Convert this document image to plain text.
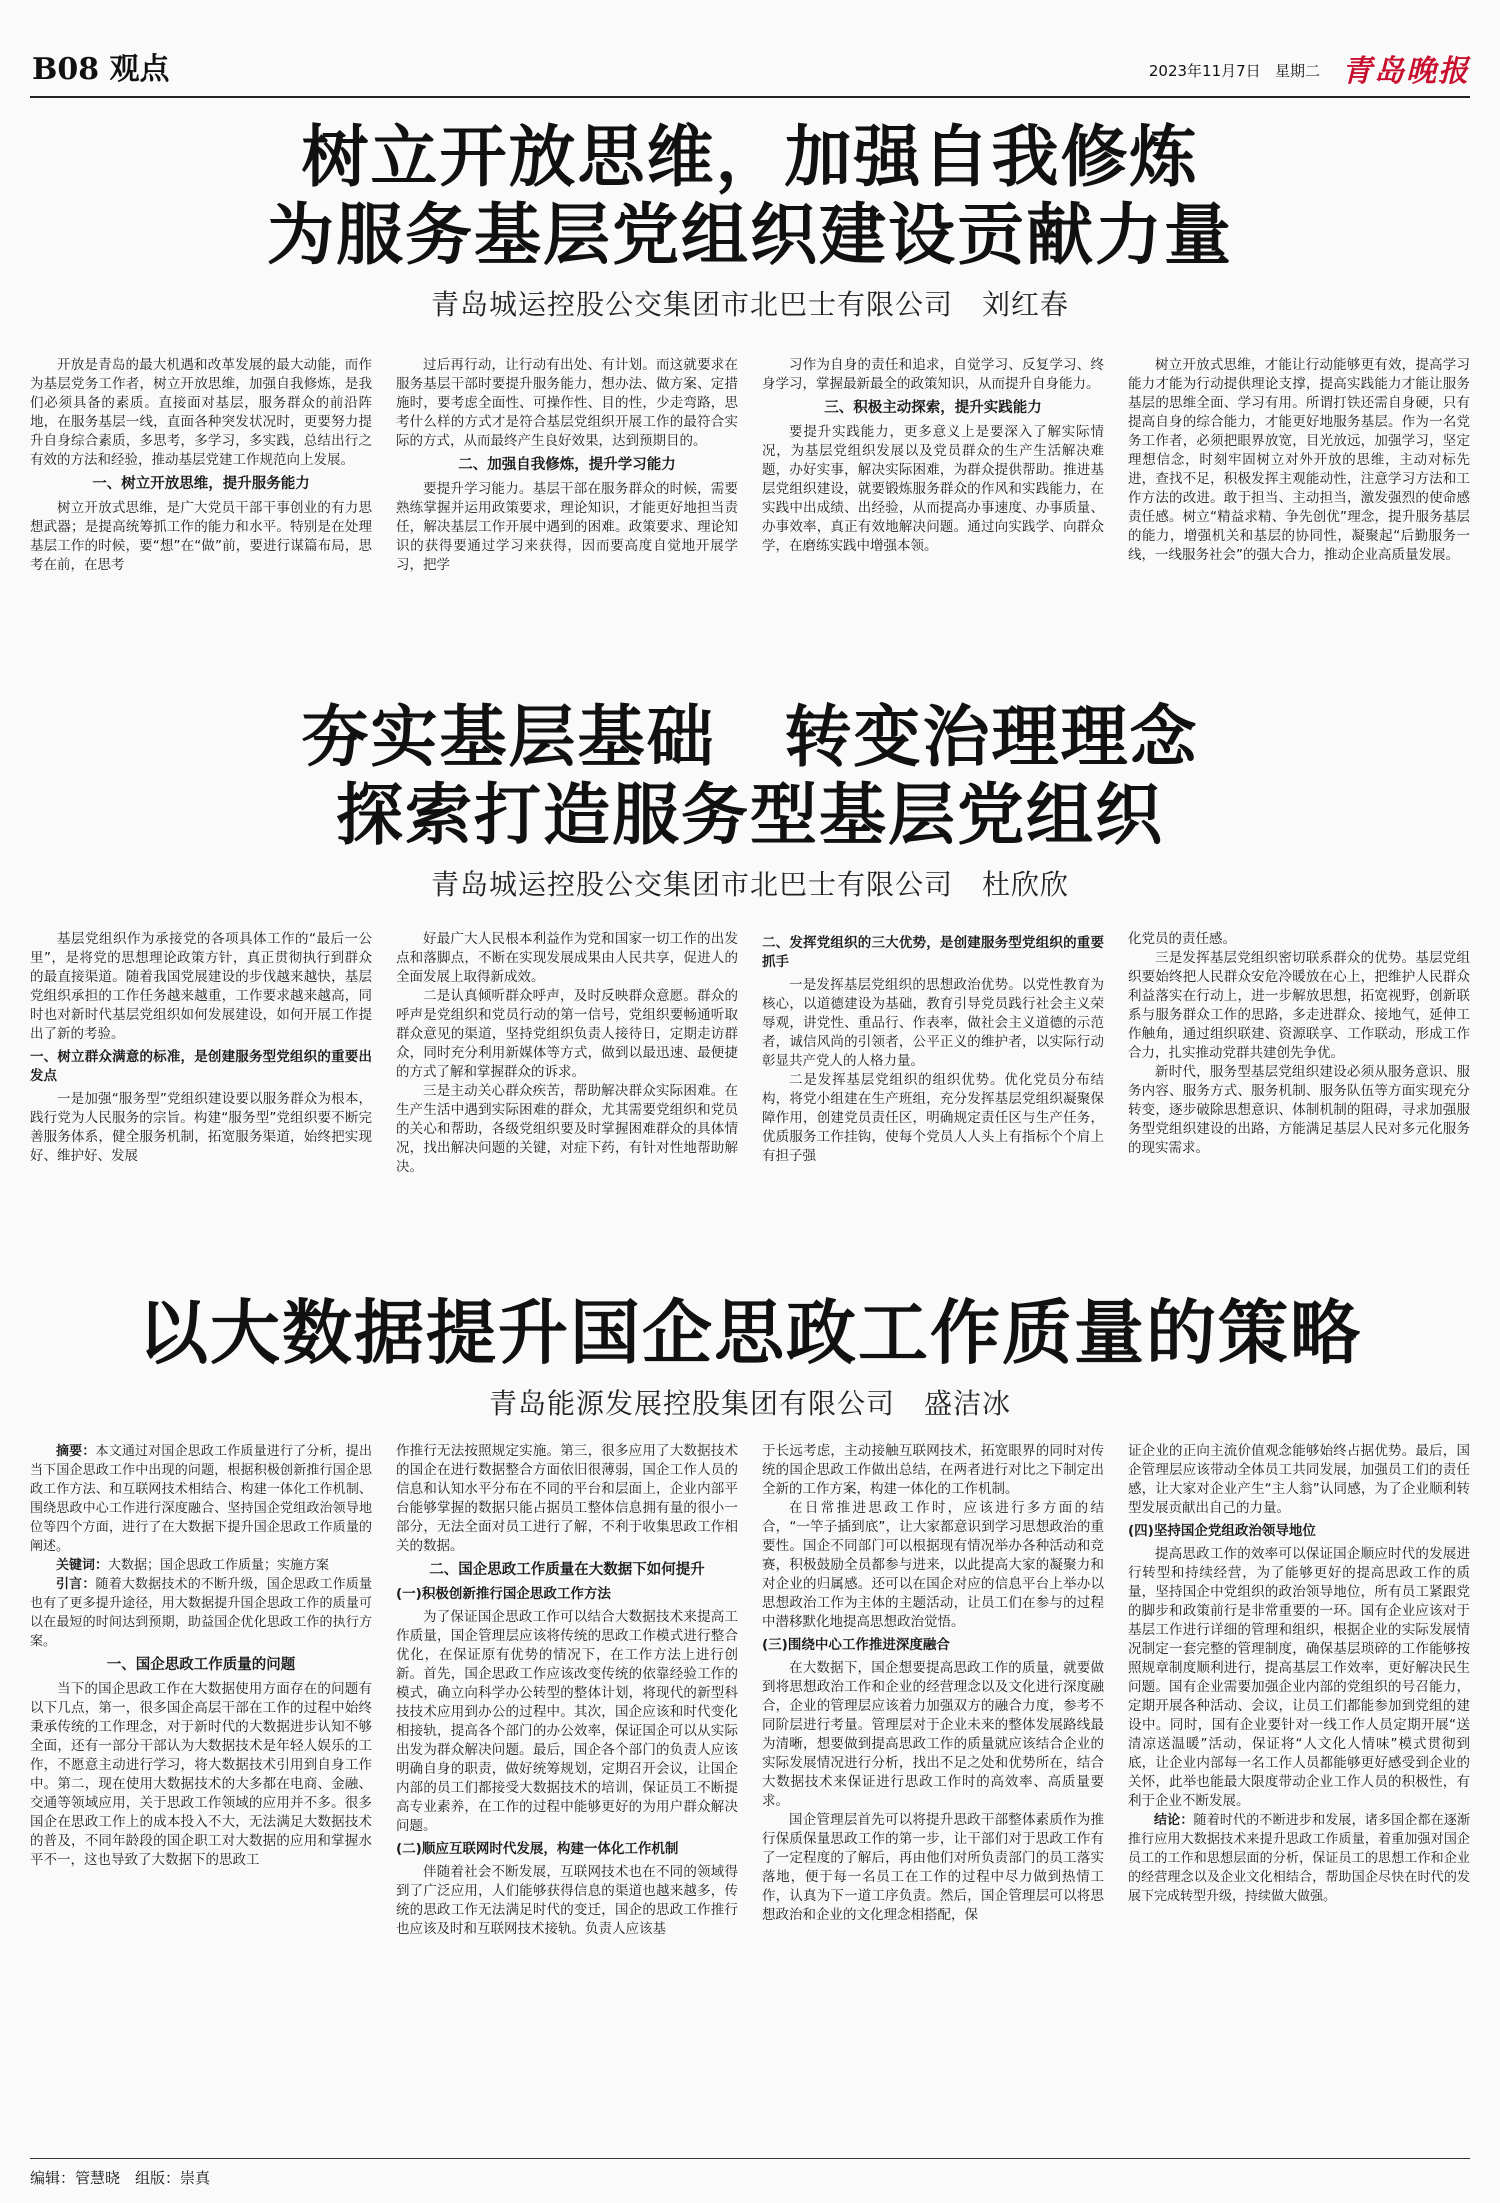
B08 观点	2023年11月7日 星期二 青岛晚报
树立开放思维，加强自我修炼
为服务基层党组织建设贡献力量
青岛城运控股公交集团市北巴士有限公司　刘红春

开放是青岛的最大机遇和改革发展的最大动能，而作为基层党务工作者，树立开放思维，加强自我修炼，是我们必须具备的素质。直接面对基层，服务群众的前沿阵地，在服务基层一线，直面各种突发状况时，更要努力提升自身综合素质，多思考，多学习，多实践，总结出行之有效的方法和经验，推动基层党建工作规范向上发展。

一、树立开放思维，提升服务能力

树立开放式思维，是广大党员干部干事创业的有力思想武器；是提高统筹抓工作的能力和水平。特别是在处理基层工作的时候，要“想”在“做”前，要进行谋篇布局，思考在前，在思考

过后再行动，让行动有出处、有计划。而这就要求在服务基层干部时要提升服务能力，想办法、做方案、定措施时，要考虑全面性、可操作性、目的性，少走弯路，思考什么样的方式才是符合基层党组织开展工作的最符合实际的方式，从而最终产生良好效果，达到预期目的。

二、加强自我修炼，提升学习能力

要提升学习能力。基层干部在服务群众的时候，需要熟练掌握并运用政策要求，理论知识，才能更好地担当责任，解决基层工作开展中遇到的困难。政策要求、理论知识的获得要通过学习来获得，因而要高度自觉地开展学习，把学

习作为自身的责任和追求，自觉学习、反复学习、终身学习，掌握最新最全的政策知识，从而提升自身能力。

三、积极主动探索，提升实践能力

要提升实践能力，更多意义上是要深入了解实际情况，为基层党组织发展以及党员群众的生产生活解决难题，办好实事，解决实际困难，为群众提供帮助。推进基层党组织建设，就要锻炼服务群众的作风和实践能力，在实践中出成绩、出经验，从而提高办事速度、办事质量、办事效率，真正有效地解决问题。通过向实践学、向群众学，在磨练实践中增强本领。

树立开放式思维，才能让行动能够更有效，提高学习能力才能为行动提供理论支撑，提高实践能力才能让服务基层的思维全面、学习有用。所谓打铁还需自身硬，只有提高自身的综合能力，才能更好地服务基层。作为一名党务工作者，必须把眼界放宽，目光放远，加强学习，坚定理想信念，时刻牢固树立对外开放的思维，主动对标先进，查找不足，积极发挥主观能动性，注意学习方法和工作方法的改进。敢于担当、主动担当，激发强烈的使命感责任感。树立“精益求精、争先创优”理念，提升服务基层的能力，增强机关和基层的协同性，凝聚起“后勤服务一线，一线服务社会”的强大合力，推动企业高质量发展。

夯实基层基础　转变治理理念
探索打造服务型基层党组织
青岛城运控股公交集团市北巴士有限公司　杜欣欣

基层党组织作为承接党的各项具体工作的“最后一公里”，是将党的思想理论政策方针，真正贯彻执行到群众的最直接渠道。随着我国党展建设的步伐越来越快，基层党组织承担的工作任务越来越重，工作要求越来越高，同时也对新时代基层党组织如何发展建设，如何开展工作提出了新的考验。

一、树立群众满意的标准，是创建服务型党组织的重要出发点

一是加强“服务型”党组织建设要以服务群众为根本，践行党为人民服务的宗旨。构建“服务型”党组织要不断完善服务体系，健全服务机制，拓宽服务渠道，始终把实现好、维护好、发展

好最广大人民根本利益作为党和国家一切工作的出发点和落脚点，不断在实现发展成果由人民共享，促进人的全面发展上取得新成效。

二是认真倾听群众呼声，及时反映群众意愿。群众的呼声是党组织和党员行动的第一信号，党组织要畅通听取群众意见的渠道，坚持党组织负责人接待日，定期走访群众，同时充分利用新媒体等方式，做到以最迅速、最便捷的方式了解和掌握群众的诉求。

三是主动关心群众疾苦，帮助解决群众实际困难。在生产生活中遇到实际困难的群众，尤其需要党组织和党员的关心和帮助，各级党组织要及时掌握困难群众的具体情况，找出解决问题的关键，对症下药，有针对性地帮助解决。

二、发挥党组织的三大优势，是创建服务型党组织的重要抓手

一是发挥基层党组织的思想政治优势。以党性教育为核心，以道德建设为基础，教育引导党员践行社会主义荣辱观，讲党性、重品行、作表率，做社会主义道德的示范者，诚信风尚的引领者，公平正义的维护者，以实际行动彰显共产党人的人格力量。

二是发挥基层党组织的组织优势。优化党员分布结构，将党小组建在生产班组，充分发挥基层党组织凝聚保障作用，创建党员责任区，明确规定责任区与生产任务，优质服务工作挂钩，使每个党员人人头上有指标个个肩上有担子强

化党员的责任感。

三是发挥基层党组织密切联系群众的优势。基层党组织要始终把人民群众安危冷暖放在心上，把维护人民群众利益落实在行动上，进一步解放思想，拓宽视野，创新联系与服务群众工作的思路，多走进群众、接地气，延伸工作触角，通过组织联建、资源联享、工作联动，形成工作合力，扎实推动党群共建创先争优。

新时代，服务型基层党组织建设必须从服务意识、服务内容、服务方式、服务机制、服务队伍等方面实现充分转变，逐步破除思想意识、体制机制的阻碍，寻求加强服务型党组织建设的出路，方能满足基层人民对多元化服务的现实需求。

以大数据提升国企思政工作质量的策略
青岛能源发展控股集团有限公司　盛洁冰

摘要：本文通过对国企思政工作质量进行了分析，提出当下国企思政工作中出现的问题，根据积极创新推行国企思政工作方法、和互联网技术相结合、构建一体化工作机制、围绕思政中心工作进行深度融合、坚持国企党组政治领导地位等四个方面，进行了在大数据下提升国企思政工作质量的阐述。

关键词：大数据；国企思政工作质量；实施方案

引言：随着大数据技术的不断升级，国企思政工作质量也有了更多提升途径，用大数据提升国企思政工作的质量可以在最短的时间达到预期，助益国企优化思政工作的执行方案。

一、国企思政工作质量的问题

当下的国企思政工作在大数据使用方面存在的问题有以下几点，第一，很多国企高层干部在工作的过程中始终秉承传统的工作理念，对于新时代的大数据进步认知不够全面，还有一部分干部认为大数据技术是年轻人娱乐的工作，不愿意主动进行学习，将大数据技术引用到自身工作中。第二，现在使用大数据技术的大多都在电商、金融、交通等领域应用，关于思政工作领域的应用并不多。很多国企在思政工作上的成本投入不大，无法满足大数据技术的普及，不同年龄段的国企职工对大数据的应用和掌握水平不一，这也导致了大数据下的思政工

作推行无法按照规定实施。第三，很多应用了大数据技术的国企在进行数据整合方面依旧很薄弱，国企工作人员的信息和认知水平分布在不同的平台和层面上，企业内部平台能够掌握的数据只能占据员工整体信息拥有量的很小一部分，无法全面对员工进行了解，不利于收集思政工作相关的数据。

二、国企思政工作质量在大数据下如何提升

(一)积极创新推行国企思政工作方法

为了保证国企思政工作可以结合大数据技术来提高工作质量，国企管理层应该将传统的思政工作模式进行整合优化，在保证原有优势的情况下，在工作方法上进行创新。首先，国企思政工作应该改变传统的依靠经验工作的模式，确立向科学办公转型的整体计划，将现代的新型科技技术应用到办公的过程中。其次，国企应该和时代变化相接轨，提高各个部门的办公效率，保证国企可以从实际出发为群众解决问题。最后，国企各个部门的负责人应该明确自身的职责，做好统筹规划，定期召开会议，让国企内部的员工们都接受大数据技术的培训，保证员工不断提高专业素养，在工作的过程中能够更好的为用户群众解决问题。

(二)顺应互联网时代发展，构建一体化工作机制

伴随着社会不断发展，互联网技术也在不同的领域得到了广泛应用，人们能够获得信息的渠道也越来越多，传统的思政工作无法满足时代的变迁，国企的思政工作推行也应该及时和互联网技术接轨。负责人应该基

于长远考虑，主动接触互联网技术，拓宽眼界的同时对传统的国企思政工作做出总结，在两者进行对比之下制定出全新的工作方案，构建一体化的工作机制。

在日常推进思政工作时，应该进行多方面的结合，“一竿子插到底”，让大家都意识到学习思想政治的重要性。国企不同部门可以根据现有情况举办各种活动和竞赛，积极鼓励全员都参与进来，以此提高大家的凝聚力和对企业的归属感。还可以在国企对应的信息平台上举办以思想政治工作为主体的主题活动，让员工们在参与的过程中潜移默化地提高思想政治觉悟。

(三)围绕中心工作推进深度融合

在大数据下，国企想要提高思政工作的质量，就要做到将思想政治工作和企业的经营理念以及文化进行深度融合，企业的管理层应该着力加强双方的融合力度，参考不同阶层进行考量。管理层对于企业未来的整体发展路线最为清晰，想要做到提高思政工作的质量就应该结合企业的实际发展情况进行分析，找出不足之处和优势所在，结合大数据技术来保证进行思政工作时的高效率、高质量要求。

国企管理层首先可以将提升思政干部整体素质作为推行保质保量思政工作的第一步，让干部们对于思政工作有了一定程度的了解后，再由他们对所负责部门的员工落实落地，便于每一名员工在工作的过程中尽力做到热情工作，认真为下一道工序负责。然后，国企管理层可以将思想政治和企业的文化理念相搭配，保

证企业的正向主流价值观念能够始终占据优势。最后，国企管理层应该带动全体员工共同发展，加强员工们的责任感，让大家对企业产生“主人翁”认同感，为了企业顺利转型发展贡献出自己的力量。

(四)坚持国企党组政治领导地位

提高思政工作的效率可以保证国企顺应时代的发展进行转型和持续经营，为了能够更好的提高思政工作的质量，坚持国企中党组织的政治领导地位，所有员工紧跟党的脚步和政策前行是非常重要的一环。国有企业应该对于基层工作进行详细的管理和组织，根据企业的实际发展情况制定一套完整的管理制度，确保基层琐碎的工作能够按照规章制度顺利进行，提高基层工作效率，更好解决民生问题。国有企业需要加强企业内部的党组织的号召能力，定期开展各种活动、会议，让员工们都能参加到党组的建设中。同时，国有企业要针对一线工作人员定期开展“送清凉送温暖”活动，保证将“人文化人情味”模式贯彻到底，让企业内部每一名工作人员都能够更好感受到企业的关怀，此举也能最大限度带动企业工作人员的积极性，有利于企业不断发展。

结论：随着时代的不断进步和发展，诸多国企都在逐渐推行应用大数据技术来提升思政工作质量，着重加强对国企员工的工作和思想层面的分析，保证员工的思想工作和企业的经营理念以及企业文化相结合，帮助国企尽快在时代的发展下完成转型升级，持续做大做强。

编辑：管慧晓　组版：崇真
